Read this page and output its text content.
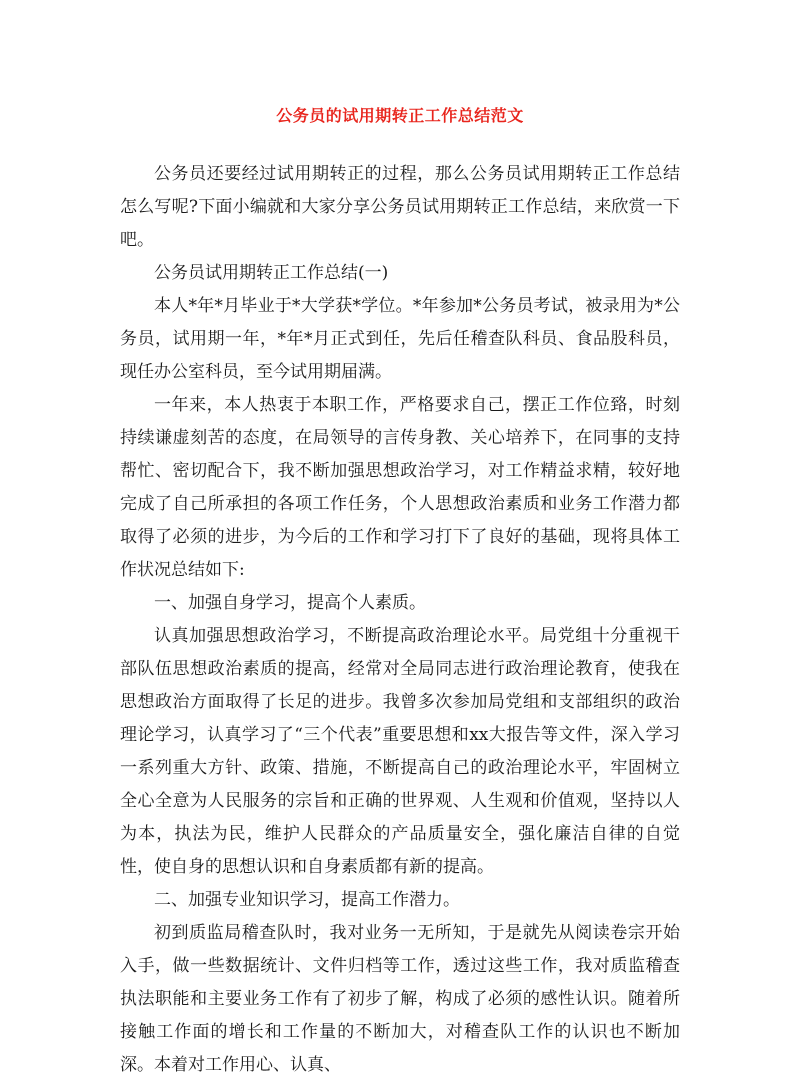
公务员的试用期转正工作总结范文

公务员还要经过试用期转正的过程，那么公务员试用期转正工作总结怎么写呢?下面小编就和大家分享公务员试用期转正工作总结，来欣赏一下吧。

公务员试用期转正工作总结(一)

本人*年*月毕业于*大学获*学位。*年参加*公务员考试，被录用为*公务员，试用期一年，*年*月正式到任，先后任稽查队科员、食品股科员，现任办公室科员，至今试用期届满。

一年来，本人热衷于本职工作，严格要求自己，摆正工作位臵，时刻持续谦虚刻苦的态度，在局领导的言传身教、关心培养下，在同事的支持帮忙、密切配合下，我不断加强思想政治学习，对工作精益求精，较好地完成了自己所承担的各项工作任务，个人思想政治素质和业务工作潜力都取得了必须的进步，为今后的工作和学习打下了良好的基础，现将具体工作状况总结如下:

一、加强自身学习，提高个人素质。

认真加强思想政治学习，不断提高政治理论水平。局党组十分重视干部队伍思想政治素质的提高，经常对全局同志进行政治理论教育，使我在思想政治方面取得了长足的进步。我曾多次参加局党组和支部组织的政治理论学习，认真学习了“三个代表”重要思想和xx大报告等文件，深入学习一系列重大方针、政策、措施，不断提高自己的政治理论水平，牢固树立全心全意为人民服务的宗旨和正确的世界观、人生观和价值观，坚持以人为本，执法为民，维护人民群众的产品质量安全，强化廉洁自律的自觉性，使自身的思想认识和自身素质都有新的提高。

二、加强专业知识学习，提高工作潜力。

初到质监局稽查队时，我对业务一无所知，于是就先从阅读卷宗开始入手，做一些数据统计、文件归档等工作，透过这些工作，我对质监稽查执法职能和主要业务工作有了初步了解，构成了必须的感性认识。随着所接触工作面的增长和工作量的不断加大，对稽查队工作的认识也不断加深。本着对工作用心、认真、
